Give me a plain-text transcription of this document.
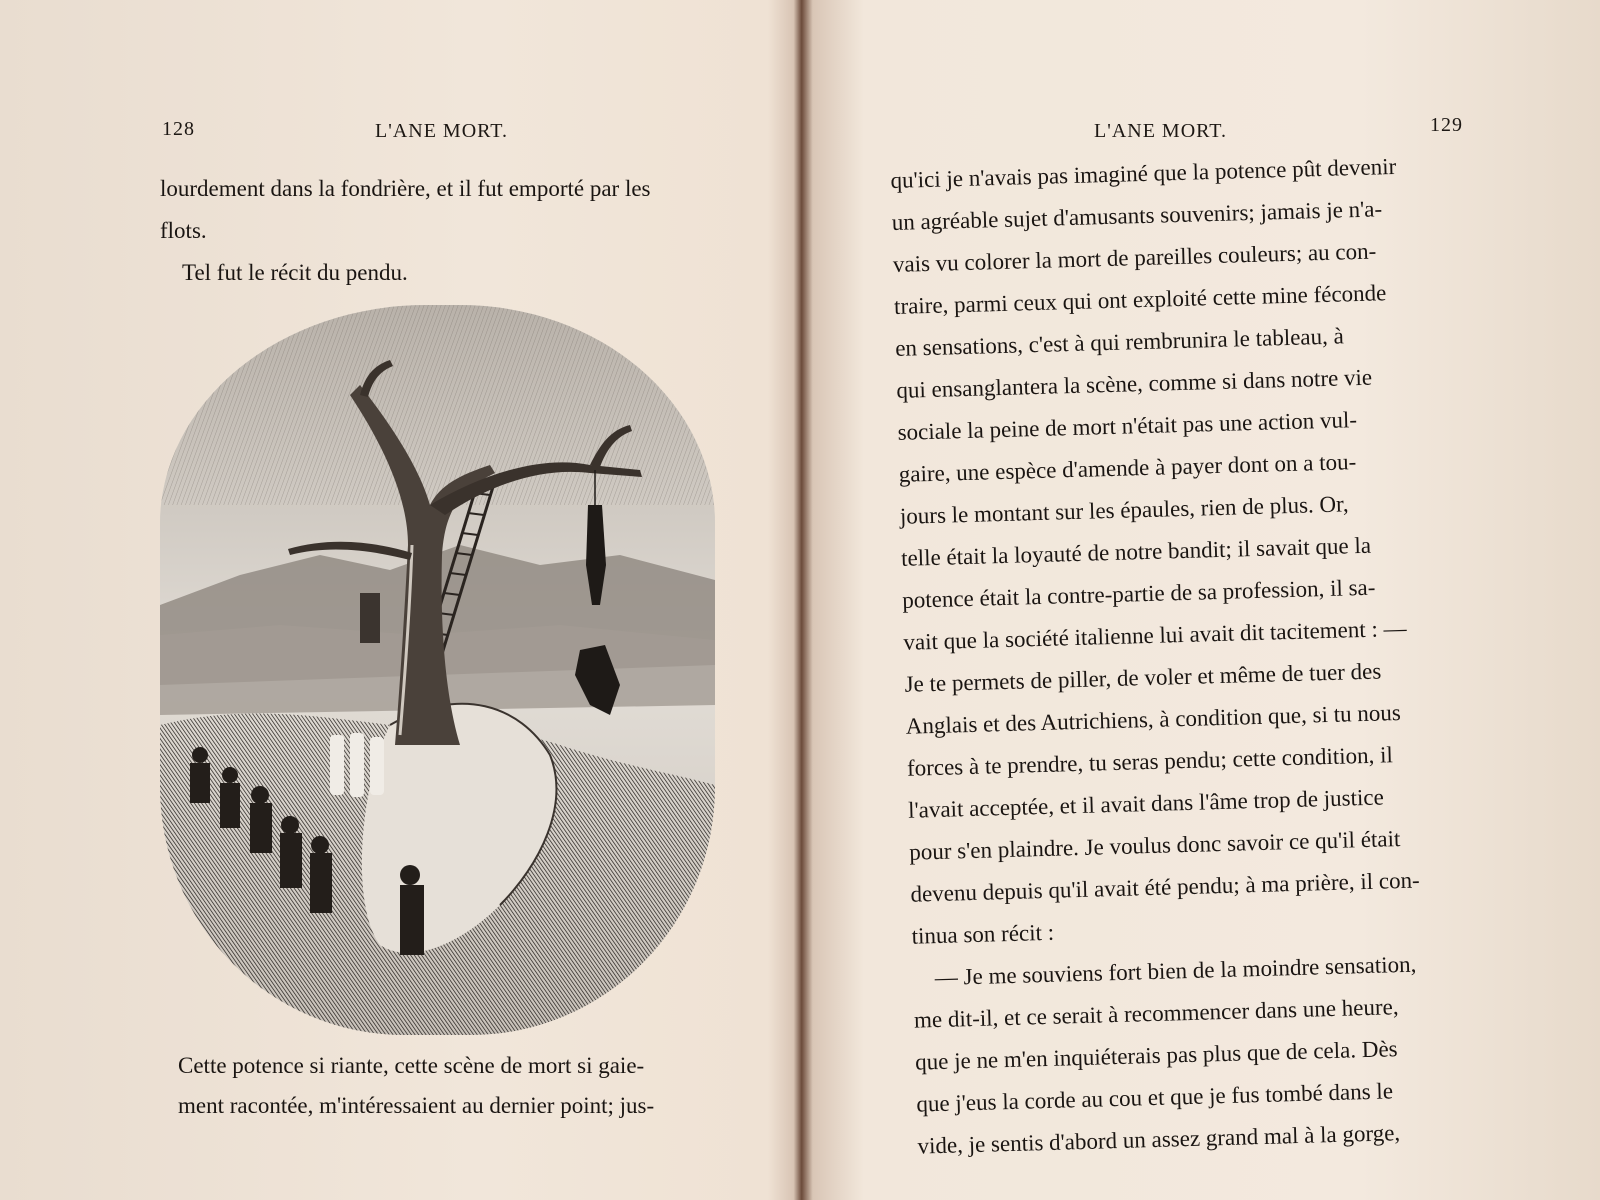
128	L'ANE MORT.
lourdement dans la fondrière, et il fut emporté par les
flots.
Tel fut le récit du pendu.
Cette potence si riante, cette scène de mort si gaie-
ment racontée, m'intéressaient au dernier point; jus-
L'ANE MORT.	129
qu'ici je n'avais pas imaginé que la potence pût devenir
un agréable sujet d'amusants souvenirs; jamais je n'a-
vais vu colorer la mort de pareilles couleurs; au con-
traire, parmi ceux qui ont exploité cette mine féconde
en sensations, c'est à qui rembrunira le tableau, à
qui ensanglantera la scène, comme si dans notre vie
sociale la peine de mort n'était pas une action vul-
gaire, une espèce d'amende à payer dont on a tou-
jours le montant sur les épaules, rien de plus. Or,
telle était la loyauté de notre bandit; il savait que la
potence était la contre-partie de sa profession, il sa-
vait que la société italienne lui avait dit tacitement : —
Je te permets de piller, de voler et même de tuer des
Anglais et des Autrichiens, à condition que, si tu nous
forces à te prendre, tu seras pendu; cette condition, il
l'avait acceptée, et il avait dans l'âme trop de justice
pour s'en plaindre. Je voulus donc savoir ce qu'il était
devenu depuis qu'il avait été pendu; à ma prière, il con-
tinua son récit :
— Je me souviens fort bien de la moindre sensation,
me dit-il, et ce serait à recommencer dans une heure,
que je ne m'en inquiéterais pas plus que de cela. Dès
que j'eus la corde au cou et que je fus tombé dans le
vide, je sentis d'abord un assez grand mal à la gorge,
